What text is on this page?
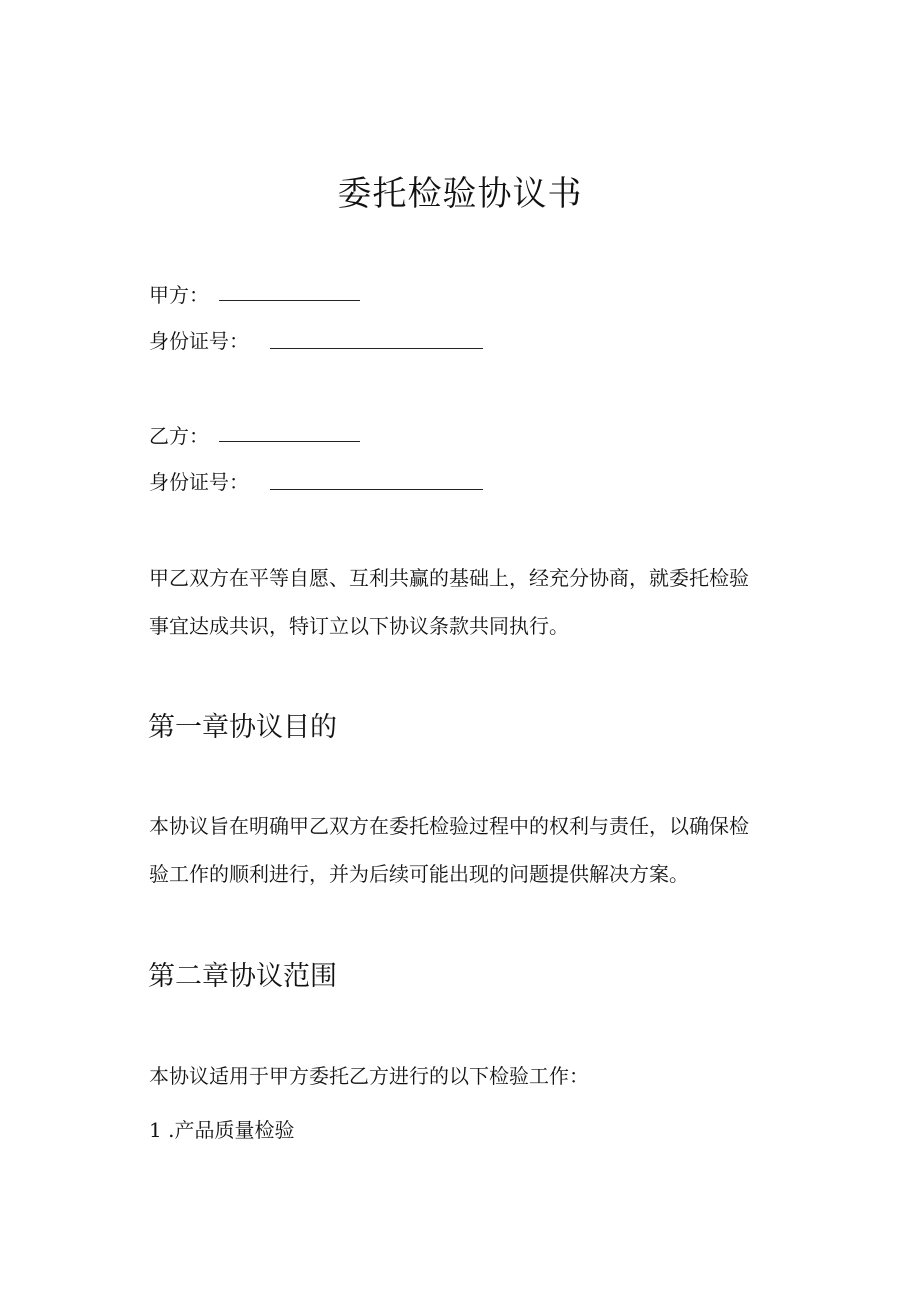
委托检验协议书
甲方：
身份证号：
乙方：
身份证号：
甲乙双方在平等自愿、互利共赢的基础上，经充分协商，就委托检验
事宜达成共识，特订立以下协议条款共同执行。
第一章协议目的
本协议旨在明确甲乙双方在委托检验过程中的权利与责任，以确保检
验工作的顺利进行，并为后续可能出现的问题提供解决方案。
第二章协议范围
本协议适用于甲方委托乙方进行的以下检验工作：
1 .产品质量检验
